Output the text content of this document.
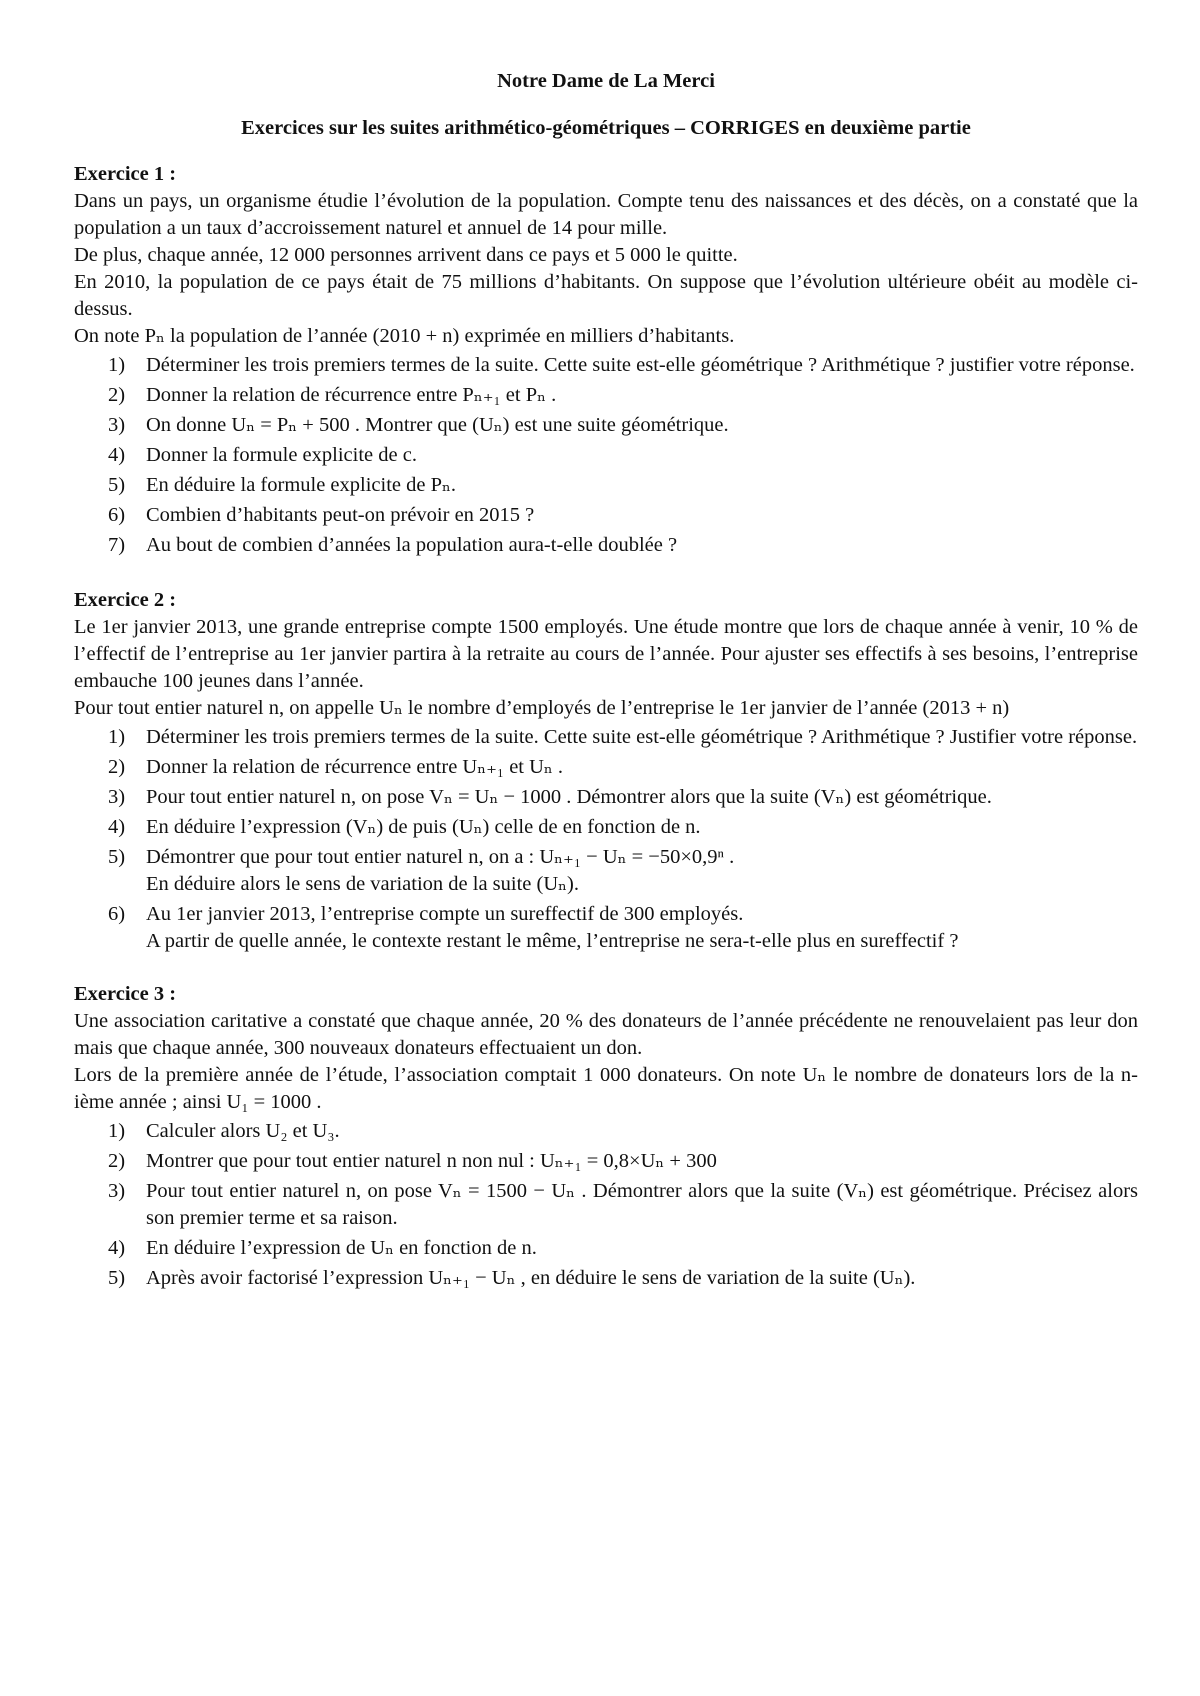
Notre Dame de La Merci

Exercices sur les suites arithmético-géométriques – CORRIGES en deuxième partie

Exercice 1 :

Dans un pays, un organisme étudie l’évolution de la population. Compte tenu des naissances et des décès, on a constaté que la population a un taux d’accroissement naturel et annuel de 14 pour mille.

De plus, chaque année, 12 000 personnes arrivent dans ce pays et 5 000 le quitte.

En 2010, la population de ce pays était de 75 millions d’habitants. On suppose que l’évolution ultérieure obéit au modèle ci-dessus.

On note Pₙ la population de l’année (2010 + n) exprimée en milliers d’habitants.

1) Déterminer les trois premiers termes de la suite. Cette suite est-elle géométrique ? Arithmétique ? justifier votre réponse.
2) Donner la relation de récurrence entre Pₙ₊₁ et Pₙ .
3) On donne Uₙ = Pₙ + 500 . Montrer que (Uₙ) est une suite géométrique.
4) Donner la formule explicite de c.
5) En déduire la formule explicite de Pₙ.
6) Combien d’habitants peut-on prévoir en 2015 ?
7) Au bout de combien d’années la population aura-t-elle doublée ?

Exercice 2 :

Le 1er janvier 2013, une grande entreprise compte 1500 employés. Une étude montre que lors de chaque année à venir, 10 % de l’effectif de l’entreprise au 1er janvier partira à la retraite au cours de l’année. Pour ajuster ses effectifs à ses besoins, l’entreprise embauche 100 jeunes dans l’année.

Pour tout entier naturel n, on appelle Uₙ le nombre d’employés de l’entreprise le 1er janvier de l’année (2013 + n)

1) Déterminer les trois premiers termes de la suite. Cette suite est-elle géométrique ? Arithmétique ? Justifier votre réponse.
2) Donner la relation de récurrence entre Uₙ₊₁ et Uₙ .
3) Pour tout entier naturel n, on pose Vₙ = Uₙ − 1000 . Démontrer alors que la suite (Vₙ) est géométrique.
4) En déduire l’expression (Vₙ) de puis (Uₙ) celle de en fonction de n.
5) Démontrer que pour tout entier naturel n, on a : Uₙ₊₁ − Uₙ = −50×0,9ⁿ .
En déduire alors le sens de variation de la suite (Uₙ).
6) Au 1er janvier 2013, l’entreprise compte un sureffectif de 300 employés.
A partir de quelle année, le contexte restant le même, l’entreprise ne sera-t-elle plus en sureffectif ?

Exercice 3 :

Une association caritative a constaté que chaque année, 20 % des donateurs de l’année précédente ne renouvelaient pas leur don mais que chaque année, 300 nouveaux donateurs effectuaient un don.

Lors de la première année de l’étude, l’association comptait 1 000 donateurs. On note Uₙ le nombre de donateurs lors de la n-ième année ; ainsi U₁ = 1000 .

1) Calculer alors U₂ et U₃.
2) Montrer que pour tout entier naturel n non nul : Uₙ₊₁ = 0,8×Uₙ + 300
3) Pour tout entier naturel n, on pose Vₙ = 1500 − Uₙ . Démontrer alors que la suite (Vₙ) est géométrique. Précisez alors son premier terme et sa raison.
4) En déduire l’expression de Uₙ en fonction de n.
5) Après avoir factorisé l’expression Uₙ₊₁ − Uₙ , en déduire le sens de variation de la suite (Uₙ).
